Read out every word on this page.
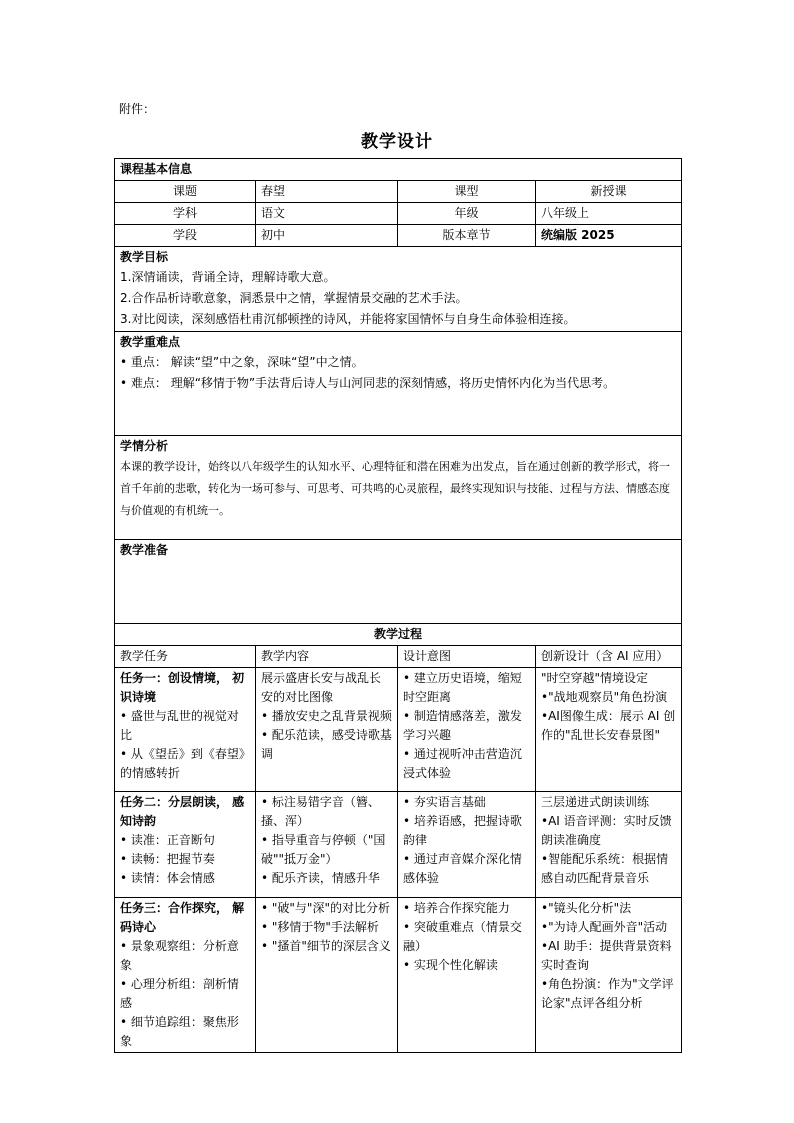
附件：
教学设计
课程基本信息			
课题	春望	课型	新授课
学科	语文	年级	八年级上
学段	初中	版本章节	统编版 2025

教学目标
1.深情诵读，背诵全诗，理解诗歌大意。
2.合作品析诗歌意象，洞悉景中之情，掌握情景交融的艺术手法。
3.对比阅读，深刻感悟杜甫沉郁顿挫的诗风，并能将家国情怀与自身生命体验相连接。			

教学重难点
• 重点： 解读“望”中之象，深味“望”中之情。
• 难点： 理解“移情于物”手法背后诗人与山河同悲的深刻情感，将历史情怀内化为当代思考。			

学情分析
本课的教学设计，始终以八年级学生的认知水平、心理特征和潜在困难为出发点，旨在通过创新的教学形式，将一首千年前的悲歌，转化为一场可参与、可思考、可共鸣的心灵旅程，最终实现知识与技能、过程与方法、情感态度与价值观的有机统一。			

教学准备			

教学过程			
教学任务	教学内容	设计意图	创新设计（含 AI 应用）

任务一：创设情境， 初识诗境
• 盛世与乱世的视觉对比
• 从《望岳》到《春望》的情感转折	展示盛唐长安与战乱长安的对比图像
• 播放安史之乱背景视频
• 配乐范读，感受诗歌基调	• 建立历史语境，缩短时空距离
• 制造情感落差，激发学习兴趣
• 通过视听冲击营造沉浸式体验	"时空穿越"情境设定
•"战地观察员"角色扮演
•AI图像生成：展示 AI 创作的"乱世长安春景图"

任务二：分层朗读， 感知诗韵
• 读准：正音断句
• 读畅：把握节奏
• 读情：体会情感	• 标注易错字音（簪、搔、浑）
• 指导重音与停顿（"国破""抵万金"）
• 配乐齐读，情感升华	• 夯实语言基础
• 培养语感，把握诗歌韵律
• 通过声音媒介深化情感体验	三层递进式朗读训练
•AI 语音评测：实时反馈朗读准确度
•智能配乐系统：根据情感自动匹配背景音乐

任务三：合作探究， 解码诗心
• 景象观察组：分析意象
• 心理分析组：剖析情感
• 细节追踪组：聚焦形象	• "破"与"深"的对比分析
• "移情于物"手法解析
• "搔首"细节的深层含义	• 培养合作探究能力
• 突破重难点（情景交融）
• 实现个性化解读	•"镜头化分析"法
•"为诗人配画外音"活动
•AI 助手：提供背景资料实时查询
•角色扮演：作为"文学评论家"点评各组分析
